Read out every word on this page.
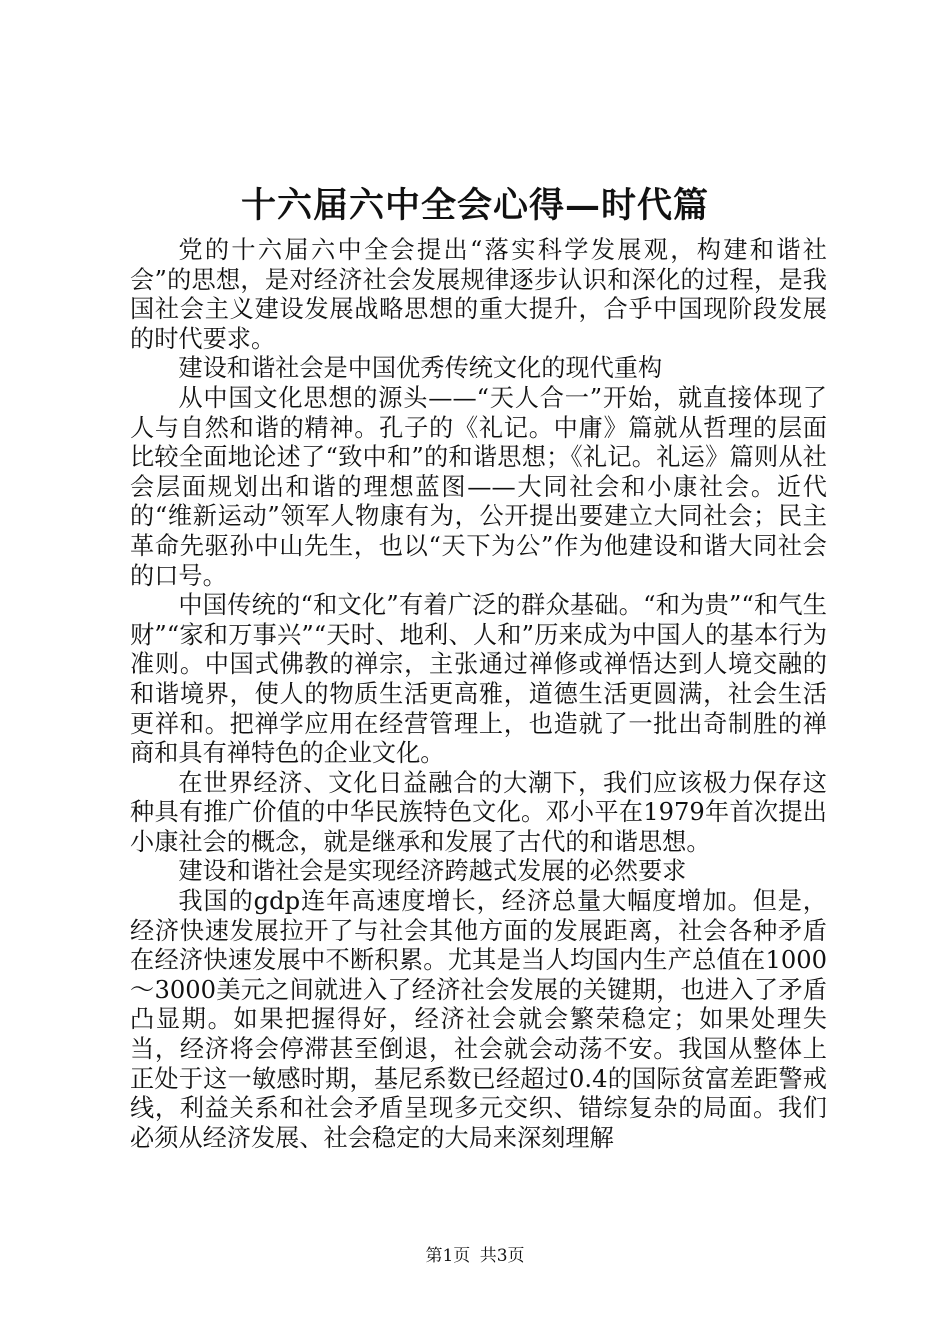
十六届六中全会心得—时代篇

党的十六届六中全会提出“落实科学发展观，构建和谐社会”的思想，是对经济社会发展规律逐步认识和深化的过程，是我国社会主义建设发展战略思想的重大提升，合乎中国现阶段发展的时代要求。

建设和谐社会是中国优秀传统文化的现代重构

从中国文化思想的源头——“天人合一”开始，就直接体现了人与自然和谐的精神。孔子的《礼记。中庸》篇就从哲理的层面比较全面地论述了“致中和”的和谐思想；《礼记。礼运》篇则从社会层面规划出和谐的理想蓝图——大同社会和小康社会。近代的“维新运动”领军人物康有为，公开提出要建立大同社会；民主革命先驱孙中山先生，也以“天下为公”作为他建设和谐大同社会的口号。

中国传统的“和文化”有着广泛的群众基础。“和为贵”“和气生财”“家和万事兴”“天时、地利、人和”历来成为中国人的基本行为准则。中国式佛教的禅宗，主张通过禅修或禅悟达到人境交融的和谐境界，使人的物质生活更高雅，道德生活更圆满，社会生活更祥和。把禅学应用在经营管理上，也造就了一批出奇制胜的禅商和具有禅特色的企业文化。

在世界经济、文化日益融合的大潮下，我们应该极力保存这种具有推广价值的中华民族特色文化。邓小平在1979年首次提出小康社会的概念，就是继承和发展了古代的和谐思想。

建设和谐社会是实现经济跨越式发展的必然要求

我国的gdp连年高速度增长，经济总量大幅度增加。但是，经济快速发展拉开了与社会其他方面的发展距离，社会各种矛盾在经济快速发展中不断积累。尤其是当人均国内生产总值在1000～3000美元之间就进入了经济社会发展的关键期，也进入了矛盾凸显期。如果把握得好，经济社会就会繁荣稳定；如果处理失当，经济将会停滞甚至倒退，社会就会动荡不安。我国从整体上正处于这一敏感时期，基尼系数已经超过0.4的国际贫富差距警戒线，利益关系和社会矛盾呈现多元交织、错综复杂的局面。我们必须从经济发展、社会稳定的大局来深刻理解

第1页 共3页
